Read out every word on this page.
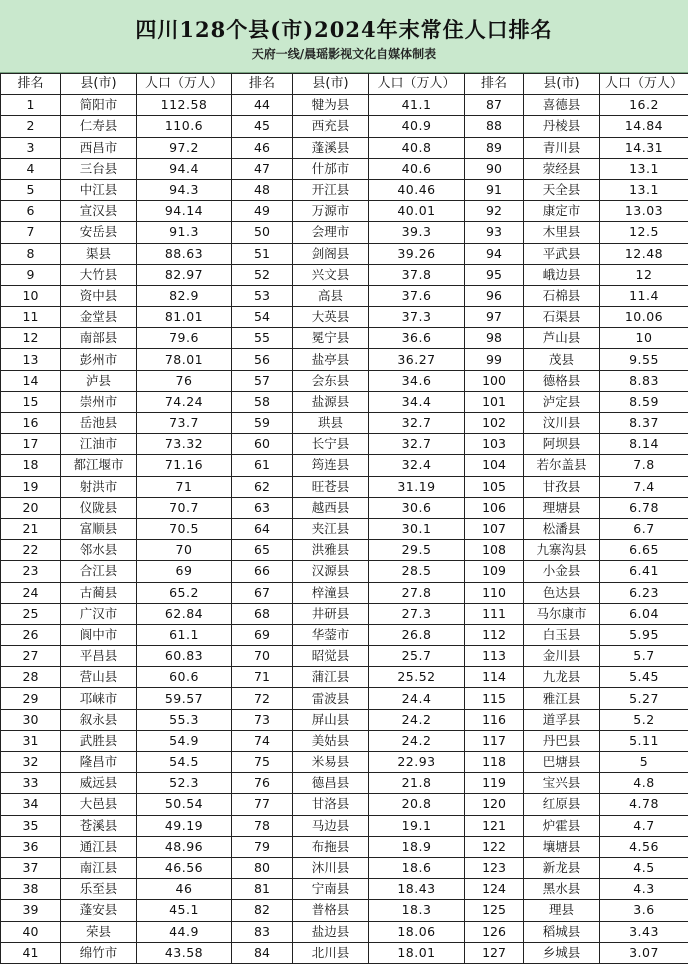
四川128个县(市)2024年末常住人口排名
天府一线/晨瑶影视文化自媒体制表
排名	县(市)	人口（万人）	排名	县(市)	人口（万人）	排名	县(市)	人口（万人）
1	简阳市	112.58	44	犍为县	41.1	87	喜德县	16.2
2	仁寿县	110.6	45	西充县	40.9	88	丹棱县	14.84
3	西昌市	97.2	46	蓬溪县	40.8	89	青川县	14.31
4	三台县	94.4	47	什邡市	40.6	90	荥经县	13.1
5	中江县	94.3	48	开江县	40.46	91	天全县	13.1
6	宣汉县	94.14	49	万源市	40.01	92	康定市	13.03
7	安岳县	91.3	50	会理市	39.3	93	木里县	12.5
8	渠县	88.63	51	剑阁县	39.26	94	平武县	12.48
9	大竹县	82.97	52	兴文县	37.8	95	峨边县	12
10	资中县	82.9	53	高县	37.6	96	石棉县	11.4
11	金堂县	81.01	54	大英县	37.3	97	石渠县	10.06
12	南部县	79.6	55	冕宁县	36.6	98	芦山县	10
13	彭州市	78.01	56	盐亭县	36.27	99	茂县	9.55
14	泸县	76	57	会东县	34.6	100	德格县	8.83
15	崇州市	74.24	58	盐源县	34.4	101	泸定县	8.59
16	岳池县	73.7	59	珙县	32.7	102	汶川县	8.37
17	江油市	73.32	60	长宁县	32.7	103	阿坝县	8.14
18	都江堰市	71.16	61	筠连县	32.4	104	若尔盖县	7.8
19	射洪市	71	62	旺苍县	31.19	105	甘孜县	7.4
20	仪陇县	70.7	63	越西县	30.6	106	理塘县	6.78
21	富顺县	70.5	64	夹江县	30.1	107	松潘县	6.7
22	邻水县	70	65	洪雅县	29.5	108	九寨沟县	6.65
23	合江县	69	66	汉源县	28.5	109	小金县	6.41
24	古蔺县	65.2	67	梓潼县	27.8	110	色达县	6.23
25	广汉市	62.84	68	井研县	27.3	111	马尔康市	6.04
26	阆中市	61.1	69	华蓥市	26.8	112	白玉县	5.95
27	平昌县	60.83	70	昭觉县	25.7	113	金川县	5.7
28	营山县	60.6	71	蒲江县	25.52	114	九龙县	5.45
29	邛崃市	59.57	72	雷波县	24.4	115	雅江县	5.27
30	叙永县	55.3	73	屏山县	24.2	116	道孚县	5.2
31	武胜县	54.9	74	美姑县	24.2	117	丹巴县	5.11
32	隆昌市	54.5	75	米易县	22.93	118	巴塘县	5
33	威远县	52.3	76	德昌县	21.8	119	宝兴县	4.8
34	大邑县	50.54	77	甘洛县	20.8	120	红原县	4.78
35	苍溪县	49.19	78	马边县	19.1	121	炉霍县	4.7
36	通江县	48.96	79	布拖县	18.9	122	壤塘县	4.56
37	南江县	46.56	80	沐川县	18.6	123	新龙县	4.5
38	乐至县	46	81	宁南县	18.43	124	黑水县	4.3
39	蓬安县	45.1	82	普格县	18.3	125	理县	3.6
40	荣县	44.9	83	盐边县	18.06	126	稻城县	3.43
41	绵竹市	43.58	84	北川县	18.01	127	乡城县	3.07
